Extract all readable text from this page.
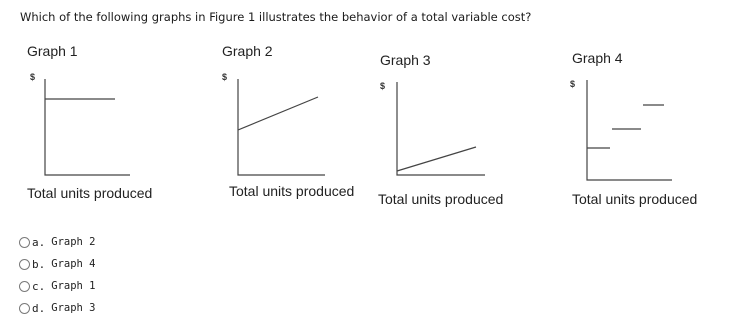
Which of the following graphs in Figure 1 illustrates the behavior of a total variable cost?
Graph 1
$
Total units produced
Graph 2
$
Total units produced
Graph 3
$
Total units produced
Graph 4
$
Total units produced
a. Graph 2
b. Graph 4
c. Graph 1
d. Graph 3
